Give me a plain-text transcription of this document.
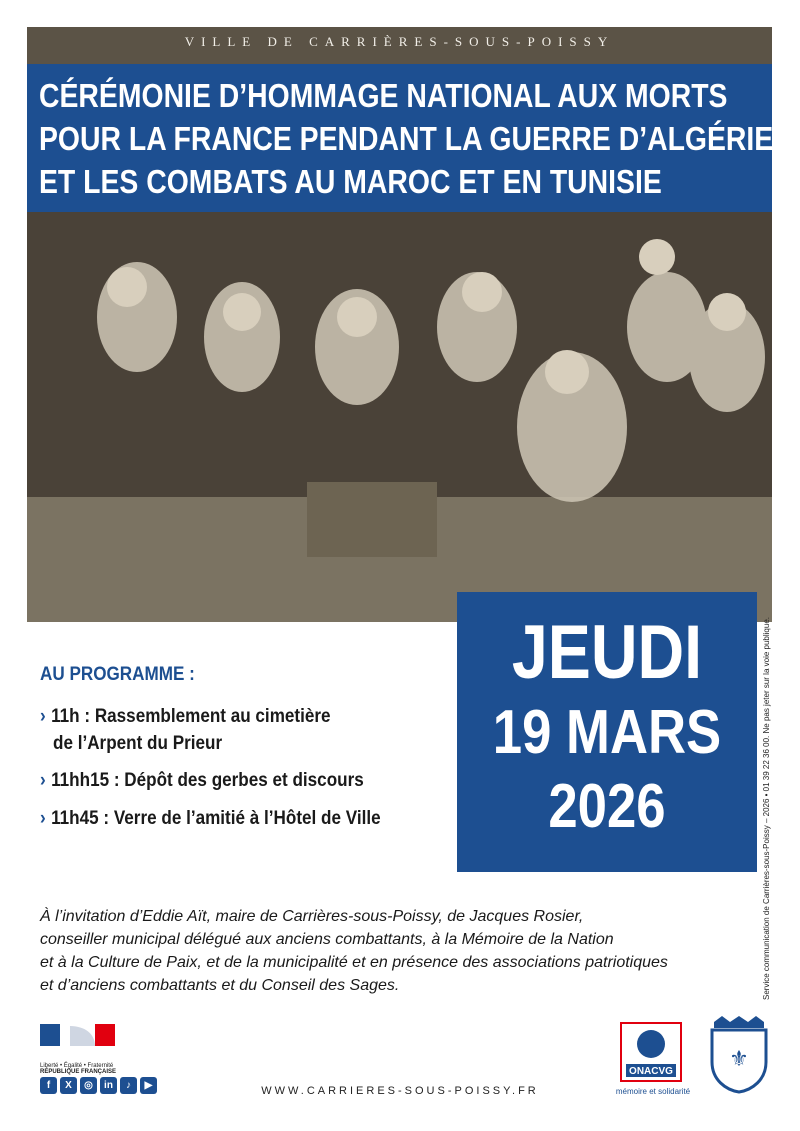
VILLE DE CARRIÈRES-SOUS-POISSY
CÉRÉMONIE D’HOMMAGE NATIONAL AUX MORTS
POUR LA FRANCE PENDANT LA GUERRE D’ALGÉRIE
ET LES COMBATS AU MAROC ET EN TUNISIE
JEUDI
19 MARS
2026
AU PROGRAMME :
› 11h : Rassemblement au cimetière
de l’Arpent du Prieur
› 11hh15 : Dépôt des gerbes et discours
› 11h45 : Verre de l’amitié à l’Hôtel de Ville
À l’invitation d’Eddie Aït, maire de Carrières-sous-Poissy, de Jacques Rosier,
conseiller municipal délégué aux anciens combattants, à la Mémoire de la Nation
et à la Culture de Paix, et de la municipalité et en présence des associations patriotiques
et d’anciens combattants et du Conseil des Sages.	Service communication de Carrières-sous-Poissy – 2026 • 01 39 22 36 00. Ne pas jeter sur la voie publique.
Liberté • Égalité • Fraternité
RÉPUBLIQUE FRANÇAISE
f	X	◎	in	♪	▶	WWW.CARRIERES-SOUS-POISSY.FR
ONACVG
mémoire et solidarité
⚜
